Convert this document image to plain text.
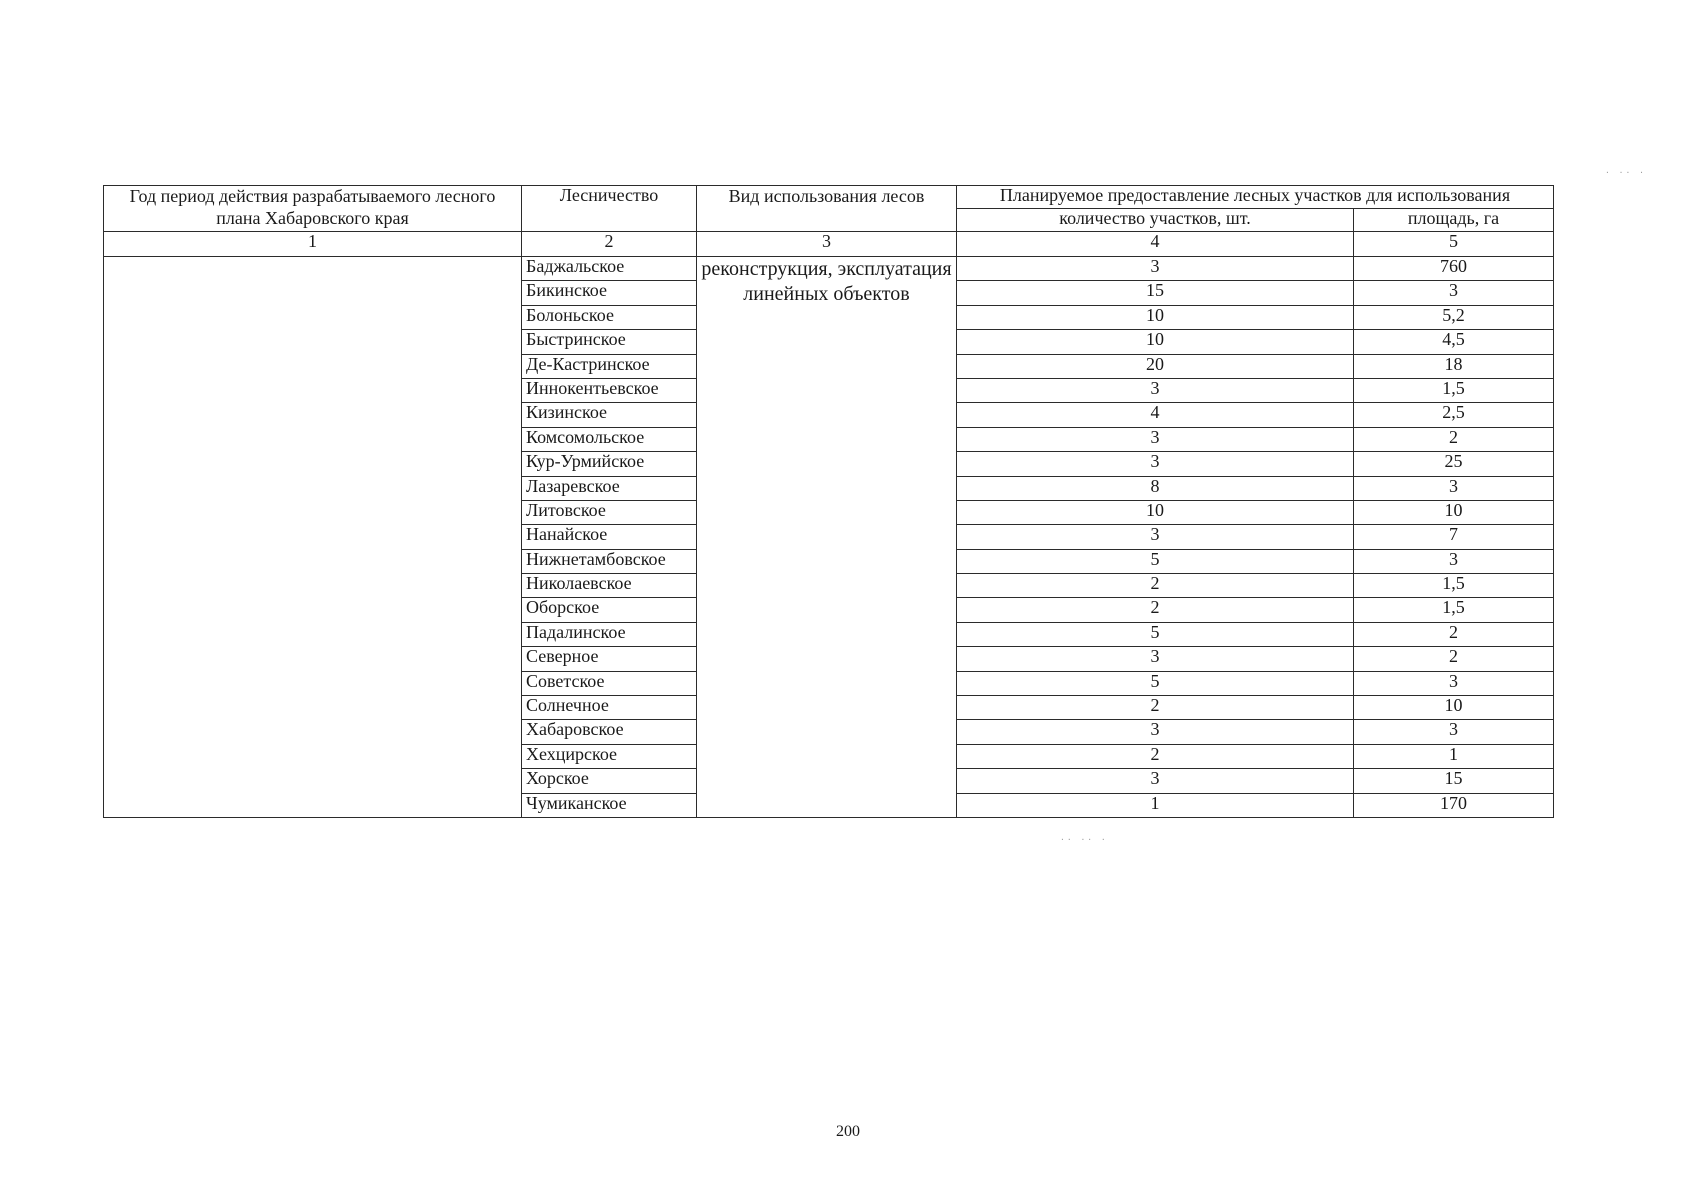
Год период действия разрабатываемого лесного плана Хабаровского края	Лесничество	Вид использования лесов	Планируемое предоставление лесных участков для использования	
			количество участков, шт.	площадь, га
1	2	3	4	5
	Баджальское	реконструкция, эксплуатация линейных объектов	3	760
	Бикинское		15	3
	Болоньское		10	5,2
	Быстринское		10	4,5
	Де-Кастринское		20	18
	Иннокентьевское		3	1,5
	Кизинское		4	2,5
	Комсомольское		3	2
	Кур-Урмийское		3	25
	Лазаревское		8	3
	Литовское		10	10
	Нанайское		3	7
	Нижнетамбовское		5	3
	Николаевское		2	1,5
	Оборское		2	1,5
	Падалинское		5	2
	Северное		3	2
	Советское		5	3
	Солнечное		2	10
	Хабаровское		3	3
	Хехцирское		2	1
	Хорское		3	15
	Чумиканское		1	170
200
· ·· ·
·· ·· ·
